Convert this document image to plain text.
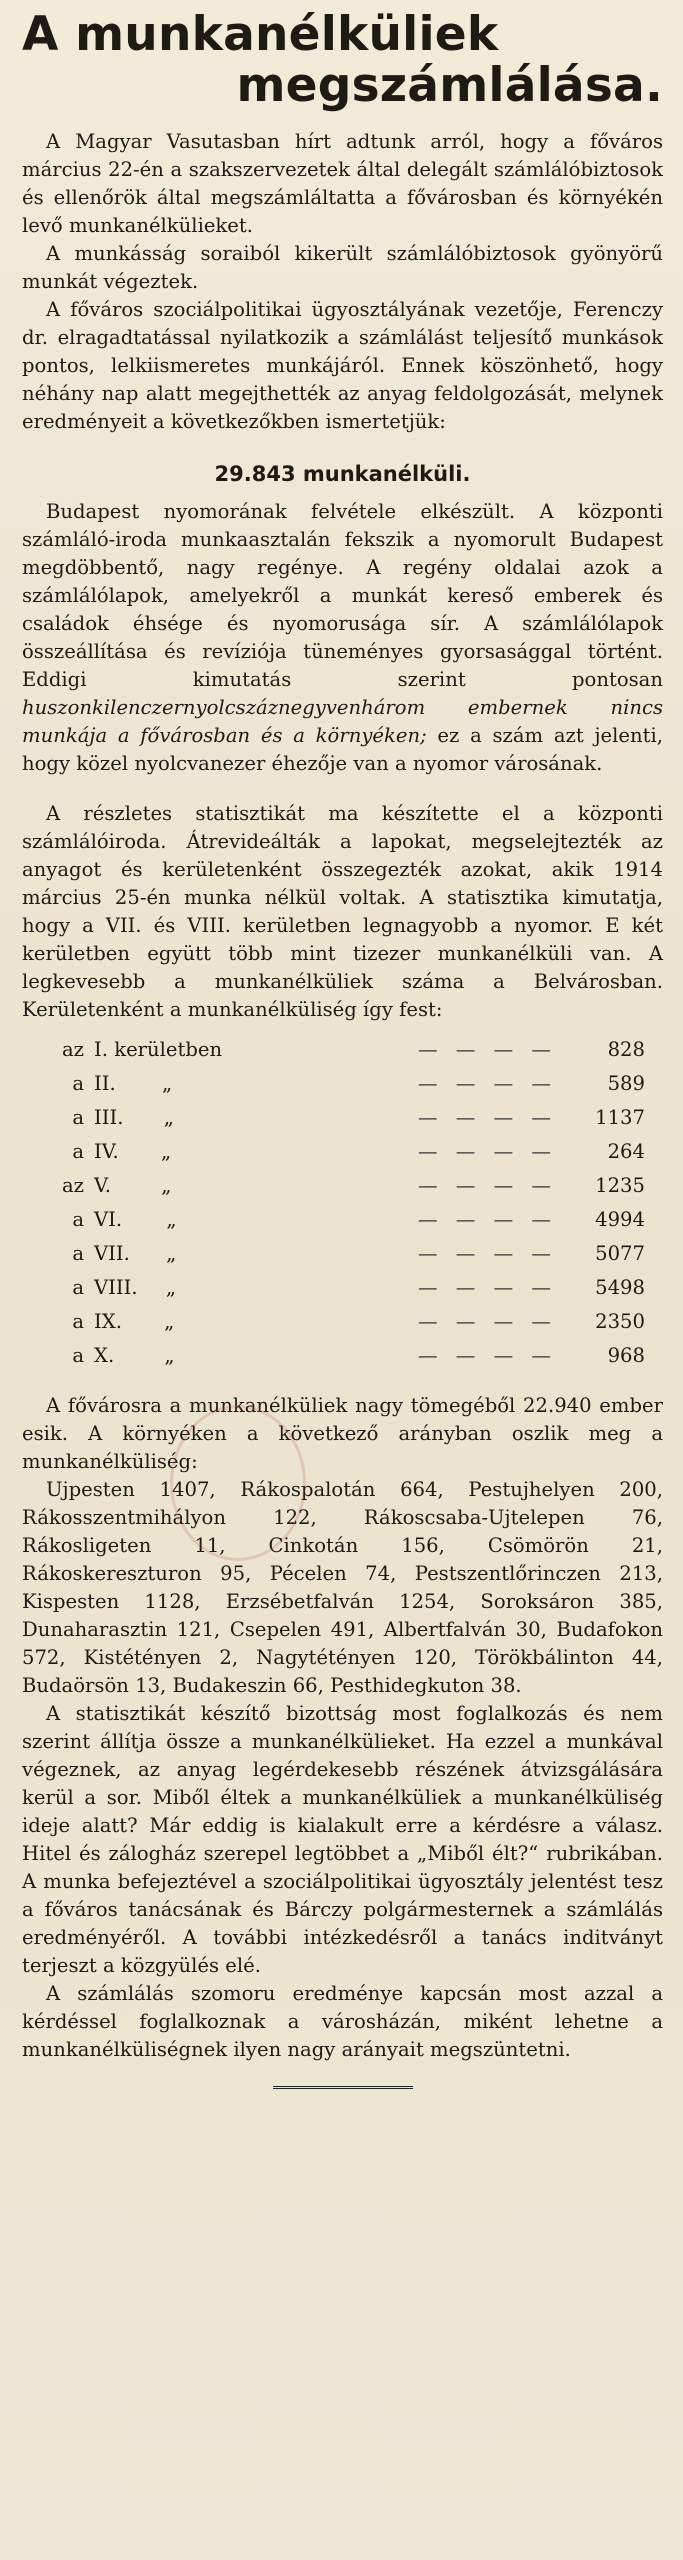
A munkanélküliek
megszámlálása.

A Magyar Vasutasban hírt adtunk arról, hogy a főváros március 22-én a szakszervezetek által delegált számlálóbiztosok és ellenőrök által megszámláltatta a fővárosban és környékén levő munkanélkülieket.

A munkásság soraiból kikerült számlálóbiztosok gyönyörű munkát végeztek.

A főváros szociálpolitikai ügyosztályának vezetője, Ferenczy dr. elragadtatással nyilatkozik a számlálást teljesítő munkások pontos, lelkiismeretes munkájáról. Ennek köszönhető, hogy néhány nap alatt megejthették az anyag feldolgozását, melynek eredményeit a következőkben ismertetjük:

29.843 munkanélküli.

Budapest nyomorának felvétele elkészült. A központi számláló-iroda munkaasztalán fekszik a nyomorult Budapest megdöbbentő, nagy regénye. A regény oldalai azok a számlálólapok, amelyekről a munkát kereső emberek és családok éhsége és nyomorusága sír. A számlálólapok összeállítása és revíziója tüneményes gyorsasággal történt. Eddigi kimutatás szerint pontosan huszonkilenczernyolcszáznegyvenhárom embernek nincs munkája a fővárosban és a környéken; ez a szám azt jelenti, hogy közel nyolcvanezer éhezője van a nyomor városának.

A részletes statisztikát ma készítette el a központi számlálóiroda. Átrevideálták a lapokat, megselejtezték az anyagot és kerületenként összegezték azokat, akik 1914 március 25-én munka nélkül voltak. A statisztika kimutatja, hogy a VII. és VIII. kerületben legnagyobb a nyomor. E két kerületben együtt több mint tizezer munkanélküli van. A legkevesebb a munkanélküliek száma a Belvárosban. Kerületenként a munkanélküliség így fest:

az I. kerületben	— — — —	828
a II. „	— — — —	589
a III. „	— — — —	1137
a IV. „	— — — —	264
az V.	„	— — — —	1235
a VI. „	— — — —	4994
a VII. „	— — — —	5077
a VIII. „	— — — —	5498
a IX. „	— — — —	2350
a X.	„	— — — —	968

A fővárosra a munkanélküliek nagy tömegéből 22.940 ember esik. A környéken a következő arányban oszlik meg a munkanélküliség:

Ujpesten 1407, Rákospalotán 664, Pestujhelyen 200, Rákosszentmihályon 122, Rákoscsaba-Ujtelepen 76, Rákosligeten 11, Cinkotán 156, Csömörön 21, Rákoskereszturon 95, Pécelen 74, Pestszentlőrinczen 213, Kispesten 1128, Erzsébetfalván 1254, Soroksáron 385, Dunaharasztin 121, Csepelen 491, Albertfalván 30, Budafokon 572, Kistétényen 2, Nagytétényen 120, Törökbálinton 44, Budaörsön 13, Budakeszin 66, Pesthidegkuton 38.

A statisztikát készítő bizottság most foglalkozás és nem szerint állítja össze a munkanélkülieket. Ha ezzel a munkával végeznek, az anyag legérdekesebb részének átvizsgálására kerül a sor. Miből éltek a munkanélküliek a munkanélküliség ideje alatt? Már eddig is kialakult erre a kérdésre a válasz. Hitel és zálogház szerepel legtöbbet a „Miből élt?“ rubrikában. A munka befejeztével a szociálpolitikai ügyosztály jelentést tesz a főváros tanácsának és Bárczy polgármesternek a számlálás eredményéről. A további intézkedésről a tanács inditványt terjeszt a közgyülés elé.

A számlálás szomoru eredménye kapcsán most azzal a kérdéssel foglalkoznak a városházán, miként lehetne a munkanélküliségnek ilyen nagy arányait megszüntetni.
